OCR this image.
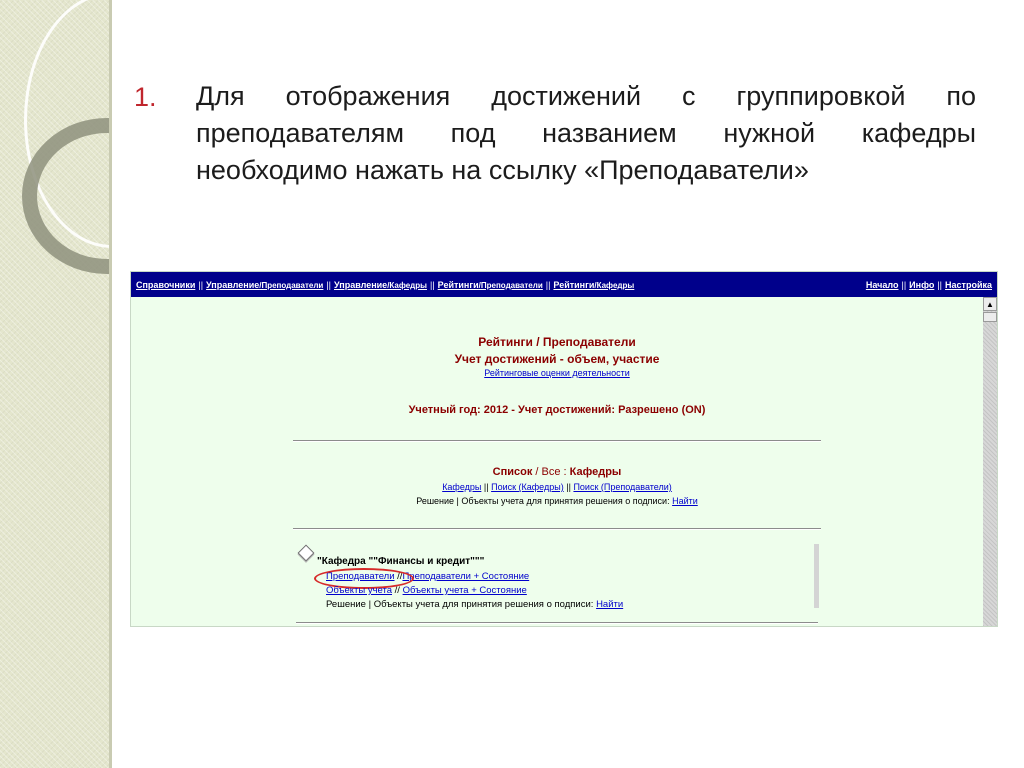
1. Для отображения достижений с группировкой по преподавателям под названием нужной кафедры необходимо нажать на ссылку «Преподаватели»
Справочники || Управление/Преподаватели || Управление/Кафедры || Рейтинги/Преподаватели || Рейтинги/Кафедры	Начало || Инфо || Настройка
Рейтинги / Преподаватели
Учет достижений - объем, участие
Рейтинговые оценки деятельности
Учетный год: 2012 - Учет достижений: Разрешено (ON)
Список / Все : Кафедры
Кафедры || Поиск (Кафедры) || Поиск (Преподаватели)
Решение | Объекты учета для принятия решения о подписи: Найти
"Кафедра ""Финансы и кредит"""
Преподаватели //Преподаватели + Состояние
Объекты учета // Объекты учета + Состояние
Решение | Объекты учета для принятия решения о подписи: Найти
▲
